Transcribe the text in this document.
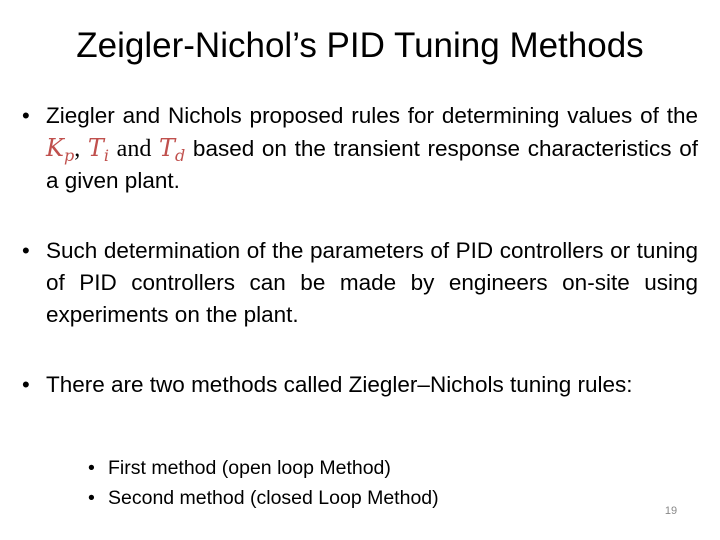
Zeigler-Nichol’s PID Tuning Methods
• Ziegler and Nichols proposed rules for determining values of the $K_p$, $T_i$ and $T_d$ based on the transient response characteristics of a given plant.
• Such determination of the parameters of PID controllers or tuning of PID controllers can be made by engineers on-site using experiments on the plant.
• There are two methods called Ziegler–Nichols tuning rules:
• First method (open loop Method)
• Second method (closed Loop Method)
19
